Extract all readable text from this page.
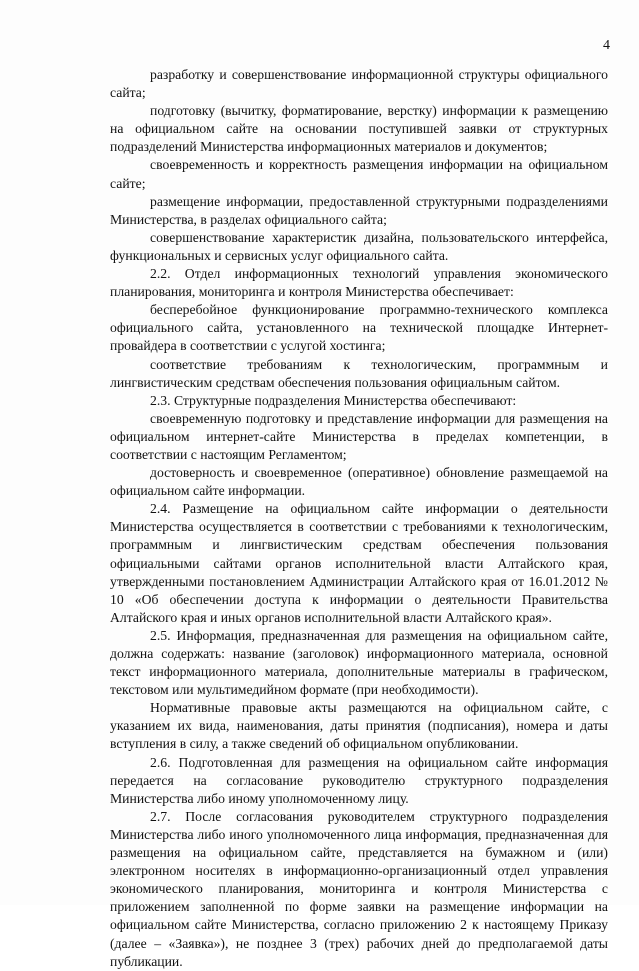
4

разработку и совершенствование информационной структуры официального сайта;

подготовку (вычитку, форматирование, верстку) информации к размещению на официальном сайте на основании поступившей заявки от структурных подразделений Министерства информационных материалов и документов;

своевременность и корректность размещения информации на официальном сайте;

размещение информации, предоставленной структурными подразделениями Министерства, в разделах официального сайта;

совершенствование характеристик дизайна, пользовательского интерфейса, функциональных и сервисных услуг официального сайта.

2.2. Отдел информационных технологий управления экономического планирования, мониторинга и контроля Министерства обеспечивает:

бесперебойное функционирование программно-технического комплекса официального сайта, установленного на технической площадке Интернет-провайдера в соответствии с услугой хостинга;

соответствие требованиям к технологическим, программным и лингвистическим средствам обеспечения пользования официальным сайтом.

2.3. Структурные подразделения Министерства обеспечивают:

своевременную подготовку и представление информации для размещения на официальном интернет-сайте Министерства в пределах компетенции, в соответствии с настоящим Регламентом;

достоверность и своевременное (оперативное) обновление размещаемой на официальном сайте информации.

2.4. Размещение на официальном сайте информации о деятельности Министерства осуществляется в соответствии с требованиями к технологическим, программным и лингвистическим средствам обеспечения пользования официальными сайтами органов исполнительной власти Алтайского края, утвержденными постановлением Администрации Алтайского края от 16.01.2012 № 10 «Об обеспечении доступа к информации о деятельности Правительства Алтайского края и иных органов исполнительной власти Алтайского края».

2.5. Информация, предназначенная для размещения на официальном сайте, должна содержать: название (заголовок) информационного материала, основной текст информационного материала, дополнительные материалы в графическом, текстовом или мультимедийном формате (при необходимости).

Нормативные правовые акты размещаются на официальном сайте, с указанием их вида, наименования, даты принятия (подписания), номера и даты вступления в силу, а также сведений об официальном опубликовании.

2.6. Подготовленная для размещения на официальном сайте информация передается на согласование руководителю структурного подразделения Министерства либо иному уполномоченному лицу.

2.7. После согласования руководителем структурного подразделения Министерства либо иного уполномоченного лица информация, предназначенная для размещения на официальном сайте, представляется на бумажном и (или) электронном носителях в информационно-организационный отдел управления экономического планирования, мониторинга и контроля Министерства с приложением заполненной по форме заявки на размещение информации на официальном сайте Министерства, согласно приложению 2 к настоящему Приказу (далее – «Заявка»), не позднее 3 (трех) рабочих дней до предполагаемой даты публикации.
